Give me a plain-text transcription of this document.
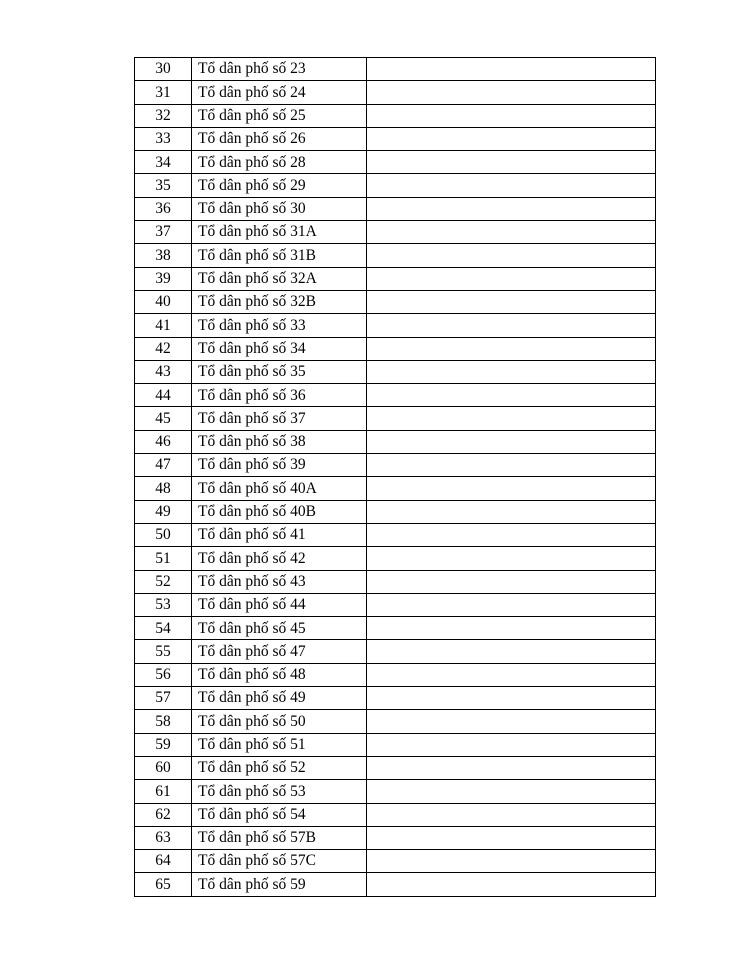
30	Tổ dân phố số 23	
31	Tổ dân phố số 24	
32	Tổ dân phố số 25	
33	Tổ dân phố số 26	
34	Tổ dân phố số 28	
35	Tổ dân phố số 29	
36	Tổ dân phố số 30	
37	Tổ dân phố số 31A	
38	Tổ dân phố số 31B	
39	Tổ dân phố số 32A	
40	Tổ dân phố số 32B	
41	Tổ dân phố số 33	
42	Tổ dân phố số 34	
43	Tổ dân phố số 35	
44	Tổ dân phố số 36	
45	Tổ dân phố số 37	
46	Tổ dân phố số 38	
47	Tổ dân phố số 39	
48	Tổ dân phố số 40A	
49	Tổ dân phố số 40B	
50	Tổ dân phố số 41	
51	Tổ dân phố số 42	
52	Tổ dân phố số 43	
53	Tổ dân phố số 44	
54	Tổ dân phố số 45	
55	Tổ dân phố số 47	
56	Tổ dân phố số 48	
57	Tổ dân phố số 49	
58	Tổ dân phố số 50	
59	Tổ dân phố số 51	
60	Tổ dân phố số 52	
61	Tổ dân phố số 53	
62	Tổ dân phố số 54	
63	Tổ dân phố số 57B	
64	Tổ dân phố số 57C	
65	Tổ dân phố số 59	
